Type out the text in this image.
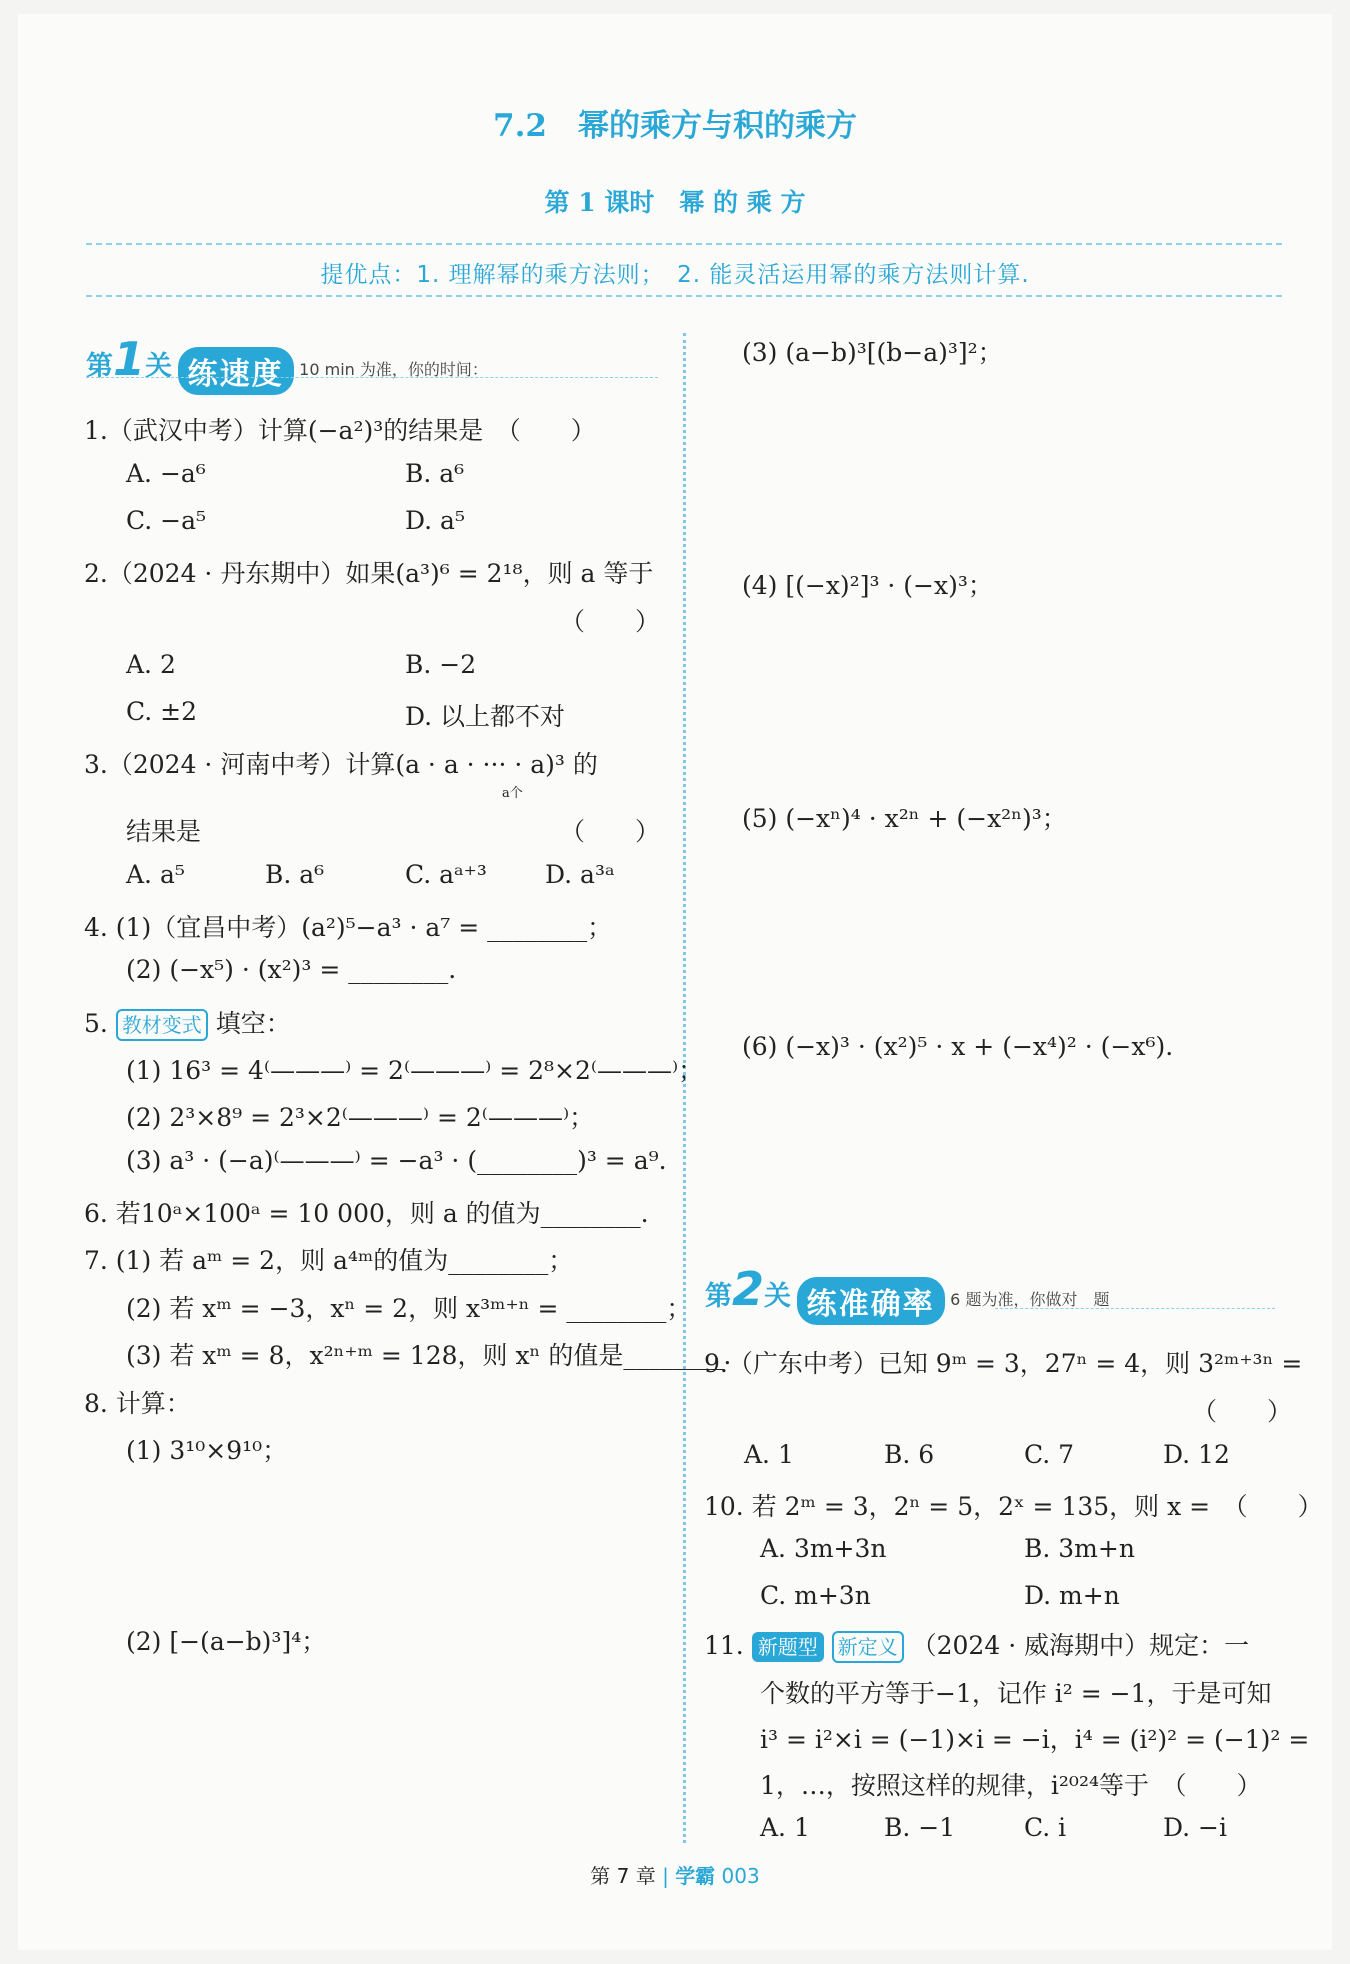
7.2　幂的乘方与积的乘方
第 1 课时　幂 的 乘 方
提优点：1. 理解幂的乘方法则；　2. 能灵活运用幂的乘方法则计算.
第1关 练速度 10 min 为准，你的时间：
1.（武汉中考）计算(−a²)³的结果是　（　　）
A. −a⁶	B. a⁶
C. −a⁵	D. a⁵
2.（2024 · 丹东期中）如果(a³)⁶ = 2¹⁸，则 a 等于
（　　）
A. 2	B. −2
C. ±2	D. 以上都不对
3.（2024 · 河南中考）计算(a · a · ··· · a)³ 的
a个
结果是	（　　）
A. a⁵	B. a⁶	C. aᵃ⁺³ D. a³ᵃ
4. (1)（宜昌中考）(a²)⁵−a³ · a⁷ = ________；
(2) (−x⁵) · (x²)³ = ________.
5. 教材变式 填空：
(1) 16³ = 4⁽———⁾ = 2⁽———⁾ = 2⁸×2⁽———⁾；
(2) 2³×8⁹ = 2³×2⁽———⁾ = 2⁽———⁾；
(3) a³ · (−a)⁽———⁾ = −a³ · (________)³ = a⁹.
6. 若10ᵃ×100ᵃ = 10 000，则 a 的值为________.
7. (1) 若 aᵐ = 2，则 a⁴ᵐ的值为________；
(2) 若 xᵐ = −3，xⁿ = 2，则 x³ᵐ⁺ⁿ = ________；
(3) 若 xᵐ = 8，x²ⁿ⁺ᵐ = 128，则 xⁿ 的值是________.
8. 计算：
(1) 3¹⁰×9¹⁰；
(2) [−(a−b)³]⁴；
(3) (a−b)³[(b−a)³]²；
(4) [(−x)²]³ · (−x)³；
(5) (−xⁿ)⁴ · x²ⁿ + (−x²ⁿ)³；
(6) (−x)³ · (x²)⁵ · x + (−x⁴)² · (−x⁶).
第2关 练准确率 6 题为准，你做对　题
9.（广东中考）已知 9ᵐ = 3，27ⁿ = 4，则 3²ᵐ⁺³ⁿ =
（　　）
A. 1	B. 6	C. 7	D. 12
10. 若 2ᵐ = 3，2ⁿ = 5，2ˣ = 135，则 x =　（　　）
A. 3m+3n	B. 3m+n
C. m+3n	D. m+n
11. 新题型 新定义 （2024 · 威海期中）规定：一
个数的平方等于−1，记作 i² = −1，于是可知
i³ = i²×i = (−1)×i = −i，i⁴ = (i²)² = (−1)² =
1，…，按照这样的规律，i²⁰²⁴等于　（　　）
A. 1	B. −1	C. i	D. −i
第 7 章 | 学霸 003
